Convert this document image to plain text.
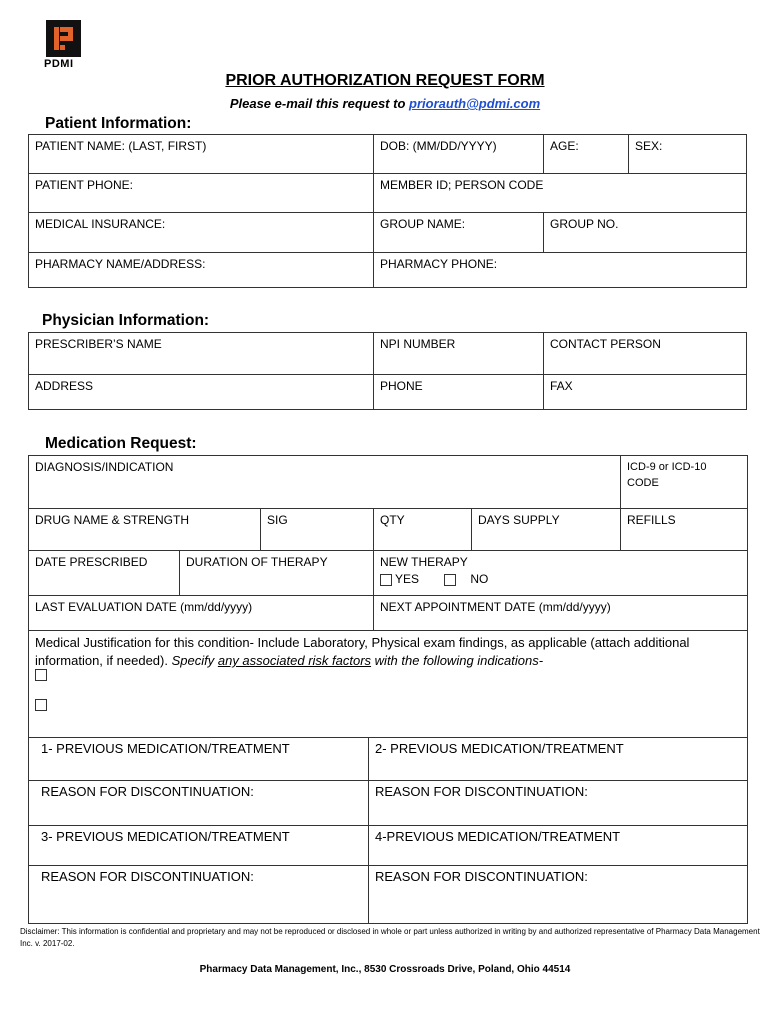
PDMI
PRIOR AUTHORIZATION REQUEST FORM
Please e-mail this request to priorauth@pdmi.com
Patient Information:
PATIENT NAME: (LAST, FIRST)	DOB: (MM/DD/YYYY)	AGE:	SEX:
PATIENT PHONE:	MEMBER ID; PERSON CODE
MEDICAL INSURANCE:	GROUP NAME:	GROUP NO.
PHARMACY NAME/ADDRESS:	PHARMACY PHONE:
Physician Information:
PRESCRIBER’S NAME	NPI NUMBER	CONTACT PERSON
ADDRESS	PHONE	FAX
Medication Request:
DIAGNOSIS/INDICATION	ICD-9 or ICD-10 CODE
DRUG NAME & STRENGTH	SIG	QTY	DAYS SUPPLY	REFILLS
DATE PRESCRIBED	DURATION OF THERAPY	NEW THERAPY
YES	NO
LAST EVALUATION DATE (mm/dd/yyyy)	NEXT APPOINTMENT DATE (mm/dd/yyyy)
Medical Justification for this condition- Include Laboratory, Physical exam findings, as applicable (attach additional
information, if needed). Specify any associated risk factors with the following indications-
1- PREVIOUS MEDICATION/TREATMENT	2- PREVIOUS MEDICATION/TREATMENT
REASON FOR DISCONTINUATION:	REASON FOR DISCONTINUATION:
3- PREVIOUS MEDICATION/TREATMENT	4-PREVIOUS MEDICATION/TREATMENT
REASON FOR DISCONTINUATION:	REASON FOR DISCONTINUATION:
Disclaimer: This information is confidential and proprietary and may not be reproduced or disclosed in whole or part unless authorized in writing by and authorized representative of Pharmacy Data Management Inc. v. 2017-02.
Pharmacy Data Management, Inc., 8530 Crossroads Drive, Poland, Ohio 44514
